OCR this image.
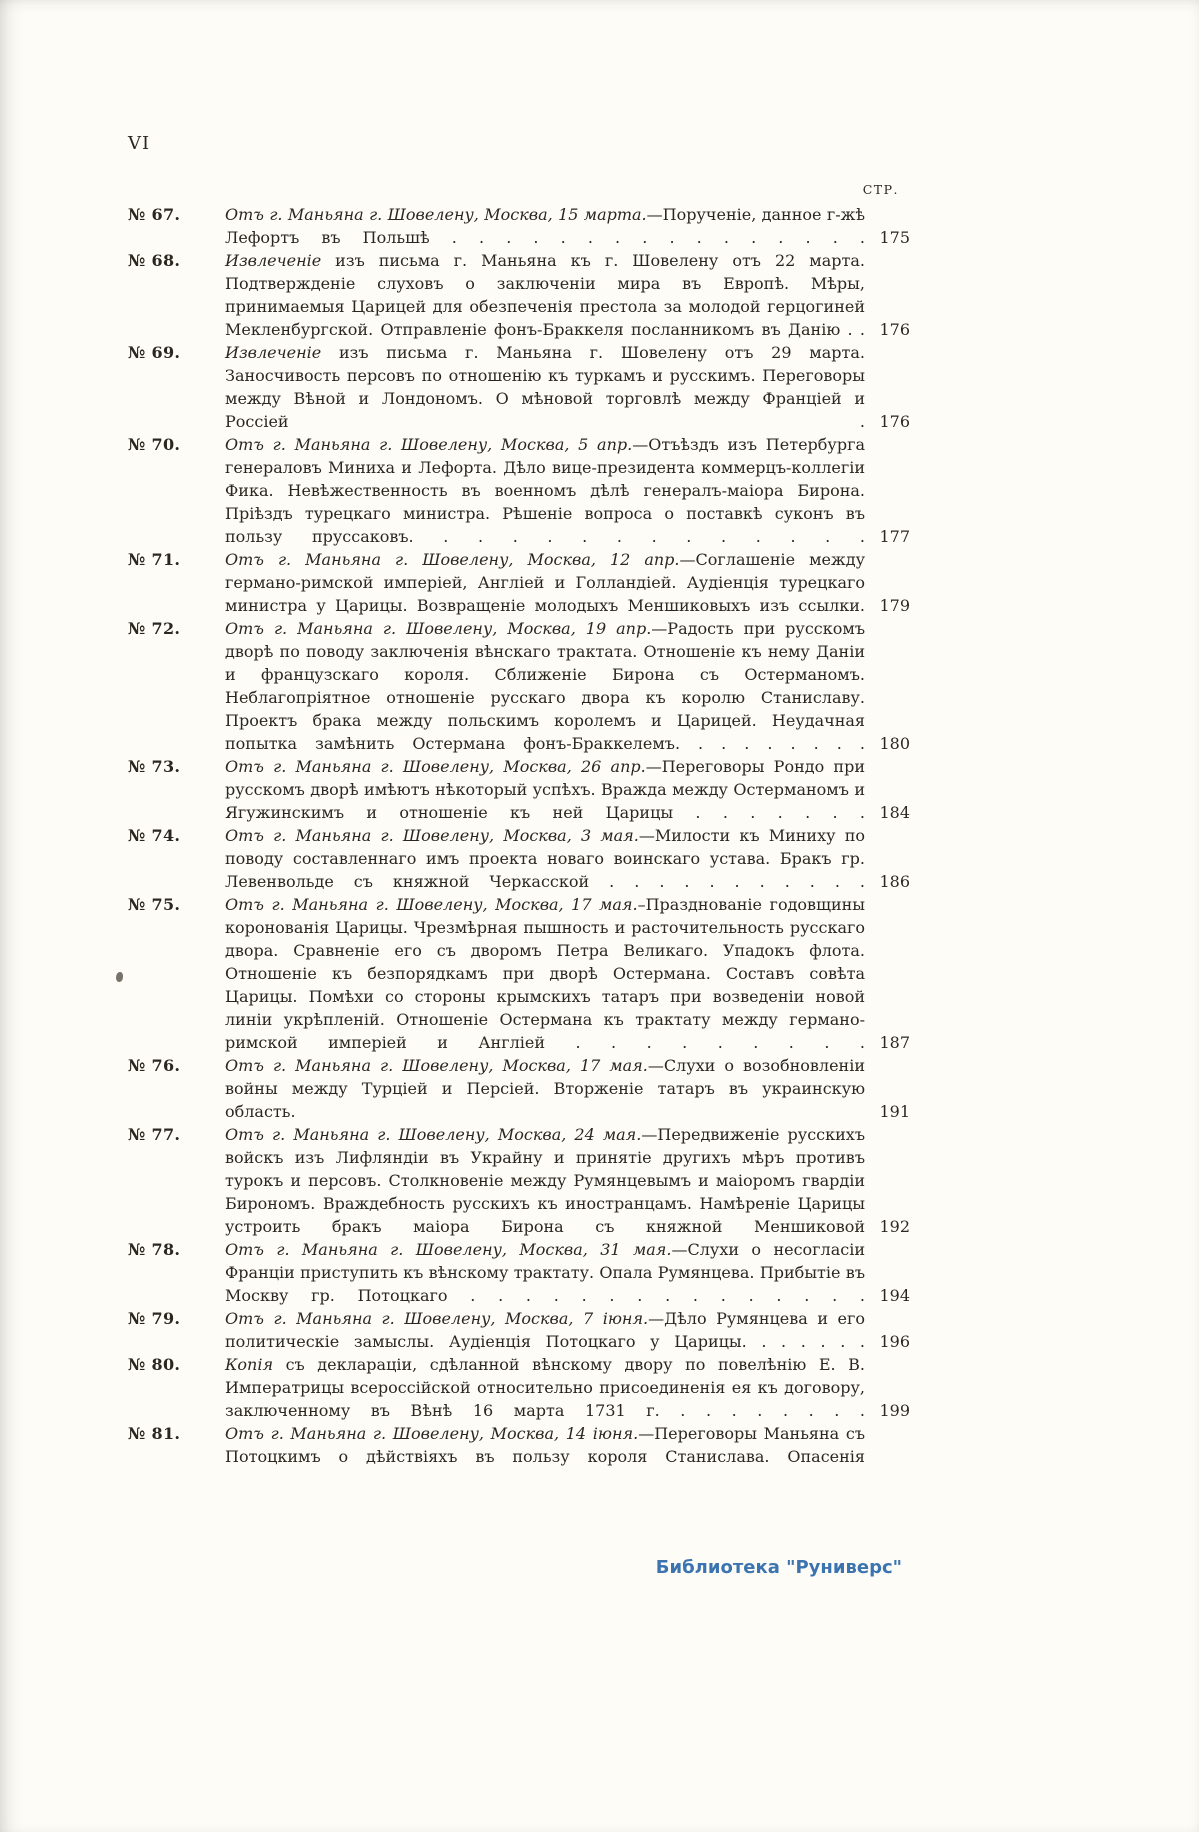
VI
СТР.
№ 67.	Отъ г. Маньяна г. Шовелену, Москва, 15 марта.—Порученіе, данное г-жѣ Лефортъ въ Польшѣ . . . . . . . . . . . . . . . . 175
№ 68.	Извлеченіе изъ письма г. Маньяна къ г. Шовелену отъ 22 марта. Подтвержденіе слуховъ о заключеніи мира въ Европѣ. Мѣры, принимаемыя Царицей для обезпеченія престола за молодой герцогиней Мекленбургской. Отправленіе фонъ-Браккеля посланникомъ въ Данію . . 176
№ 69.	Извлеченіе изъ письма г. Маньяна г. Шовелену отъ 29 марта. Заносчивость персовъ по отношенію къ туркамъ и русскимъ. Переговоры между Вѣной и Лондономъ. О мѣновой торговлѣ между Франціей и Россіей . 176
№ 70.	Отъ г. Маньяна г. Шовелену, Москва, 5 апр.—Отъѣздъ изъ Петербурга генераловъ Миниха и Лефорта. Дѣло вице-президента коммерцъ-коллегіи Фика. Невѣжественность въ военномъ дѣлѣ генералъ-маіора Бирона. Пріѣздъ турецкаго министра. Рѣшеніе вопроса о поставкѣ суконъ въ пользу пруссаковъ. . . . . . . . . . . . . . 177
№ 71.	Отъ г. Маньяна г. Шовелену, Москва, 12 апр.—Соглашеніе между германо-римской имперіей, Англіей и Голландіей. Аудіенція турецкаго министра у Царицы. Возвращеніе молодыхъ Меншиковыхъ изъ ссылки. 179
№ 72.	Отъ г. Маньяна г. Шовелену, Москва, 19 апр.—Радость при русскомъ дворѣ по поводу заключенія вѣнскаго трактата. Отношеніе къ нему Даніи и французскаго короля. Сближеніе Бирона съ Остерманомъ. Неблагопріятное отношеніе русскаго двора къ королю Станиславу. Проектъ брака между польскимъ королемъ и Царицей. Неудачная попытка замѣнить Остермана фонъ-Браккелемъ. . . . . . . . . 180
№ 73.	Отъ г. Маньяна г. Шовелену, Москва, 26 апр.—Переговоры Рондо при русскомъ дворѣ имѣютъ нѣкоторый успѣхъ. Вражда между Остерманомъ и Ягужинскимъ и отношеніе къ ней Царицы . . . . . . . 184
№ 74.	Отъ г. Маньяна г. Шовелену, Москва, 3 мая.—Милости къ Миниху по поводу составленнаго имъ проекта новаго воинскаго устава. Бракъ гр. Левенвольде съ княжной Черкасской . . . . . . . . . . . 186
№ 75.	Отъ г. Маньяна г. Шовелену, Москва, 17 мая.–Празднованіе годовщины коронованія Царицы. Чрезмѣрная пышность и расточительность русскаго двора. Сравненіе его съ дворомъ Петра Великаго. Упадокъ флота. Отношеніе къ безпорядкамъ при дворѣ Остермана. Составъ совѣта Царицы. Помѣхи со стороны крымскихъ татаръ при возведеніи новой линіи укрѣпленій. Отношеніе Остермана къ трактату между германо-римской имперіей и Англіей . . . . . . . . . 187
№ 76.	Отъ г. Маньяна г. Шовелену, Москва, 17 мая.—Слухи о возобновленіи войны между Турціей и Персіей. Вторженіе татаръ въ украинскую область.	191
№ 77.	Отъ г. Маньяна г. Шовелену, Москва, 24 мая.—Передвиженіе русскихъ войскъ изъ Лифляндіи въ Украйну и принятіе другихъ мѣръ противъ турокъ и персовъ. Столкновеніе между Румянцевымъ и маіоромъ гвардіи Бирономъ. Враждебность русскихъ къ иностранцамъ. Намѣреніе Царицы устроить бракъ маіора Бирона съ княжной Меншиковой 192
№ 78.	Отъ г. Маньяна г. Шовелену, Москва, 31 мая.—Слухи о несогласіи Франціи приступить къ вѣнскому трактату. Опала Румянцева. Прибытіе въ Москву гр. Потоцкаго . . . . . . . . . . . . . . . 194
№ 79.	Отъ г. Маньяна г. Шовелену, Москва, 7 іюня.—Дѣло Румянцева и его политическіе замыслы. Аудіенція Потоцкаго у Царицы. . . . . . . 196
№ 80.	Копія съ деклараціи, сдѣланной вѣнскому двору по повелѣнію Е. В. Императрицы всероссійской относительно присоединенія ея къ договору, заключенному въ Вѣнѣ 16 марта 1731 г. . . . . . . . . 199
№ 81.	Отъ г. Маньяна г. Шовелену, Москва, 14 іюня.—Переговоры Маньяна съ Потоцкимъ о дѣйствіяхъ въ пользу короля Станислава. Опасенія
Библиотека "Руниверс"
